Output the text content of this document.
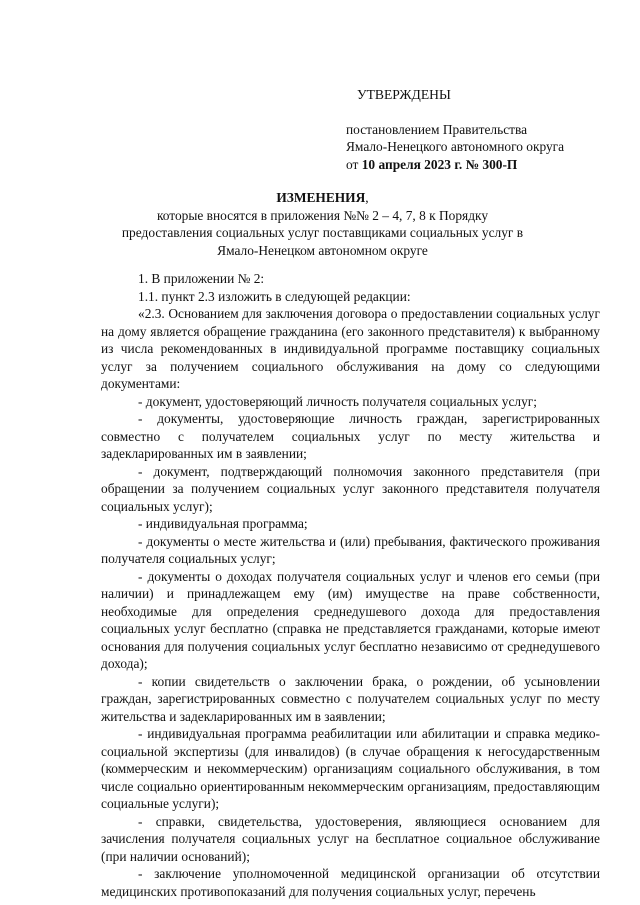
УТВЕРЖДЕНЫ

постановлением Правительства

Ямало-Ненецкого автономного округа

от 10 апреля 2023 г. № 300-П

ИЗМЕНЕНИЯ,

которые вносятся в приложения №№ 2 – 4, 7, 8 к Порядку предоставления социальных услуг поставщиками социальных услуг в Ямало-Ненецком автономном округе

1. В приложении № 2:

1.1. пункт 2.3 изложить в следующей редакции:

«2.3. Основанием для заключения договора о предоставлении социальных услуг на дому является обращение гражданина (его законного представителя) к выбранному из числа рекомендованных в индивидуальной программе поставщику социальных услуг за получением социального обслуживания на дому со следующими документами:

- документ, удостоверяющий личность получателя социальных услуг;

- документы, удостоверяющие личность граждан, зарегистрированных совместно с получателем социальных услуг по месту жительства и задекларированных им в заявлении;

- документ, подтверждающий полномочия законного представителя (при обращении за получением социальных услуг законного представителя получателя социальных услуг);

- индивидуальная программа;

- документы о месте жительства и (или) пребывания, фактического проживания получателя социальных услуг;

- документы о доходах получателя социальных услуг и членов его семьи (при наличии) и принадлежащем ему (им) имуществе на праве собственности, необходимые для определения среднедушевого дохода для предоставления социальных услуг бесплатно (справка не представляется гражданами, которые имеют основания для получения социальных услуг бесплатно независимо от среднедушевого дохода);

- копии свидетельств о заключении брака, о рождении, об усыновлении граждан, зарегистрированных совместно с получателем социальных услуг по месту жительства и задекларированных им в заявлении;

- индивидуальная программа реабилитации или абилитации и справка медико-социальной экспертизы (для инвалидов) (в случае обращения к негосударственным (коммерческим и некоммерческим) организациям социального обслуживания, в том числе социально ориентированным некоммерческим организациям, предоставляющим социальные услуги);

- справки, свидетельства, удостоверения, являющиеся основанием для зачисления получателя социальных услуг на бесплатное социальное обслуживание (при наличии оснований);

- заключение уполномоченной медицинской организации об отсутствии медицинских противопоказаний для получения социальных услуг, перечень
